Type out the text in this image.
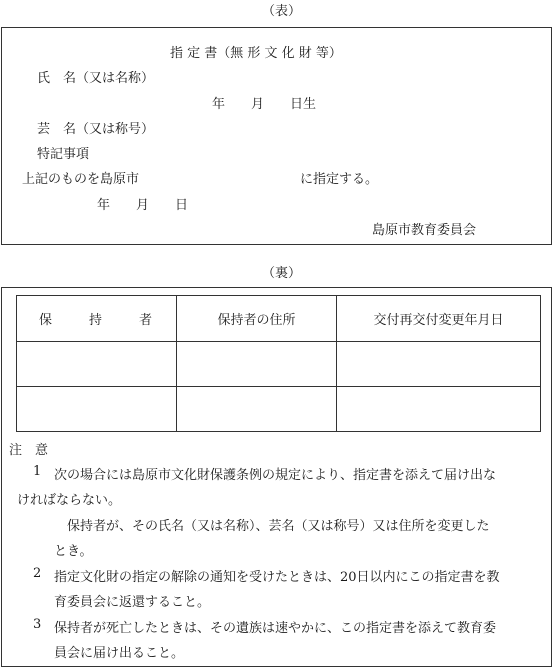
（表）
指 定 書（無 形 文 化 財 等）
氏　名（又は名称）
年　　月　　日生
芸　名（又は称号）
特記事項
上記のものを島原市	に指定する。
年　　月　　日
島原市教育委員会
（裏）
保 持 者	保持者の住所	交付再交付変更年月日

注　意
1 次の場合には島原市文化財保護条例の規定により、指定書を添えて届け出な
ければならない。
保持者が、その氏名（又は名称）、芸名（又は称号）又は住所を変更した
とき。
2 指定文化財の指定の解除の通知を受けたときは、20日以内にこの指定書を教
育委員会に返還すること。
3 保持者が死亡したときは、その遺族は速やかに、この指定書を添えて教育委
員会に届け出ること。
